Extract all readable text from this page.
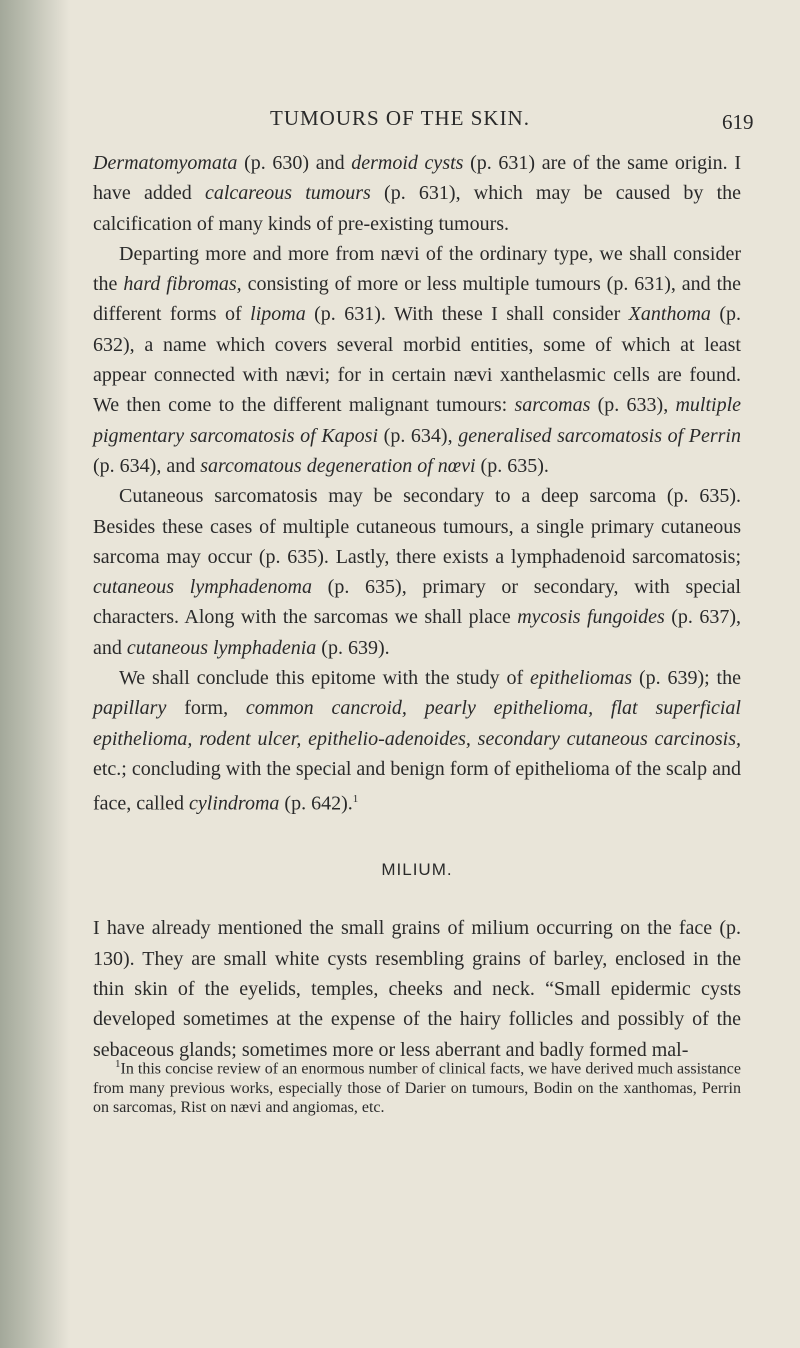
TUMOURS OF THE SKIN.	619

Dermatomyomata (p. 630) and dermoid cysts (p. 631) are of the same origin. I have added calcareous tumours (p. 631), which may be caused by the calcification of many kinds of pre-existing tumours.

Departing more and more from nævi of the ordinary type, we shall consider the hard fibromas, consisting of more or less multiple tumours (p. 631), and the different forms of lipoma (p. 631). With these I shall consider Xanthoma (p. 632), a name which covers several morbid entities, some of which at least appear connected with nævi; for in certain nævi xanthelasmic cells are found. We then come to the different malignant tumours: sarcomas (p. 633), multiple pigmentary sarcomatosis of Kaposi (p. 634), generalised sarcomatosis of Perrin (p. 634), and sarcomatous degeneration of nœvi (p. 635).

Cutaneous sarcomatosis may be secondary to a deep sarcoma (p. 635). Besides these cases of multiple cutaneous tumours, a single primary cutaneous sarcoma may occur (p. 635). Lastly, there exists a lymphadenoid sarcomatosis; cutaneous lymphadenoma (p. 635), primary or secondary, with special characters. Along with the sarcomas we shall place mycosis fungoides (p. 637), and cutaneous lymphadenia (p. 639).

We shall conclude this epitome with the study of epitheliomas (p. 639); the papillary form, common cancroid, pearly epithelioma, flat superficial epithelioma, rodent ulcer, epithelio-adenoides, secondary cutaneous carcinosis, etc.; concluding with the special and benign form of epithelioma of the scalp and face, called cylindroma (p. 642).$^1$

MILIUM.

I have already mentioned the small grains of milium occurring on the face (p. 130). They are small white cysts resembling grains of barley, enclosed in the thin skin of the eyelids, temples, cheeks and neck. “Small epidermic cysts developed sometimes at the expense of the hairy follicles and possibly of the sebaceous glands; sometimes more or less aberrant and badly formed mal-

$^1$In this concise review of an enormous number of clinical facts, we have derived much assistance from many previous works, especially those of Darier on tumours, Bodin on the xanthomas, Perrin on sarcomas, Rist on nævi and angiomas, etc.
